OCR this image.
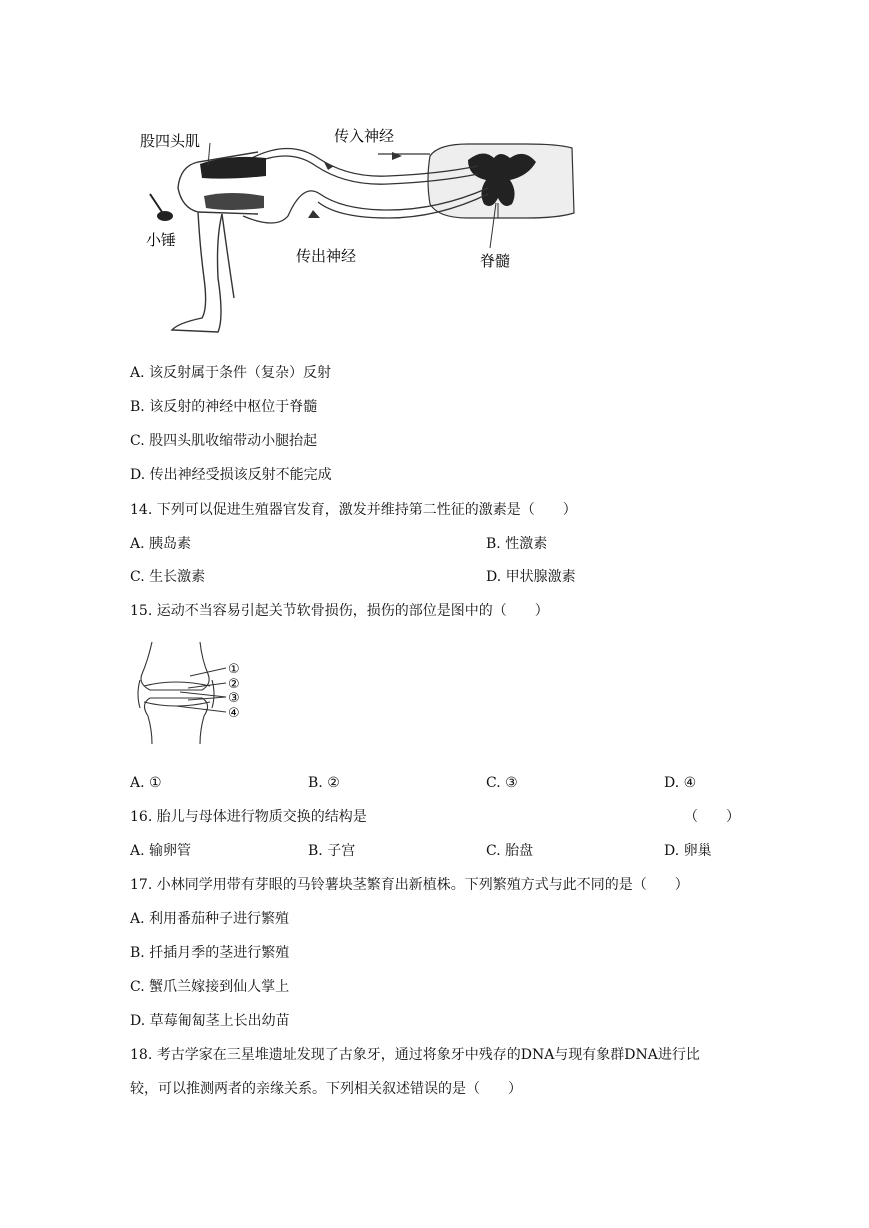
股四头肌	传入神经
小锤
传出神经	脊髓
A. 该反射属于条件（复杂）反射
B. 该反射的神经中枢位于脊髓
C. 股四头肌收缩带动小腿抬起
D. 传出神经受损该反射不能完成
14. 下列可以促进生殖器官发育，激发并维持第二性征的激素是（　　）
A. 胰岛素	B. 性激素
C. 生长激素	D. 甲状腺激素
15. 运动不当容易引起关节软骨损伤，损伤的部位是图中的（　　）
①
②
③
④
A. ①	B. ②	C. ③	D. ④
16. 胎儿与母体进行物质交换的结构是	（　　）
A. 输卵管	B. 子宫	C. 胎盘	D. 卵巢
17. 小林同学用带有芽眼的马铃薯块茎繁育出新植株。下列繁殖方式与此不同的是（　　）
A. 利用番茄种子进行繁殖
B. 扦插月季的茎进行繁殖
C. 蟹爪兰嫁接到仙人掌上
D. 草莓匍匐茎上长出幼苗
18. 考古学家在三星堆遗址发现了古象牙，通过将象牙中残存的DNA与现有象群DNA进行比
较，可以推测两者的亲缘关系。下列相关叙述错误的是（　　）
